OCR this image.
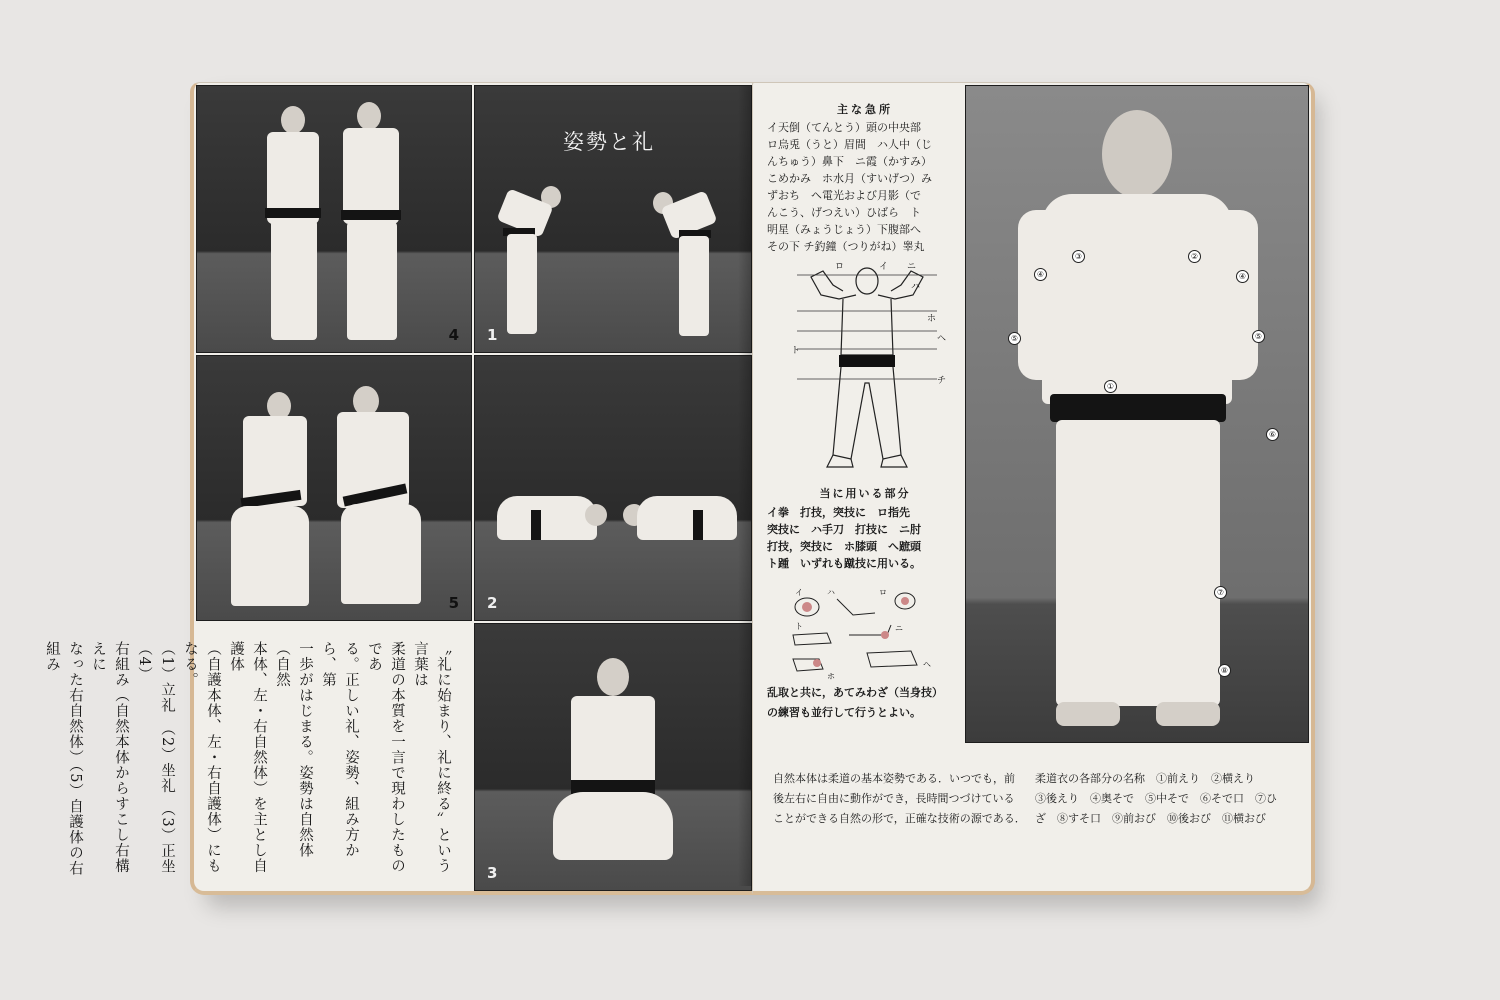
4
姿勢と礼
1
5 2
3
〝礼に始まり、礼に終る〟という言葉は
柔道の本質を一言で現わしたものであ
る。正しい礼、姿勢、組み方から、第
一歩がはじまる。姿勢は自然体（自然
本体、左・右自然体）を主とし自護体
（自護本体、左・右自護体）にもなる。
（1）立礼　（2）坐礼　（3）正坐　（4）
右組み（自然本体からすこし右構えに
なった右自然体）（5）自護体の右組み
主な急所
イ天倒（てんとう）頭の中央部
ロ烏兎（うと）眉間　ハ人中（じ
んちゅう）鼻下　ニ霞（かすみ）
こめかみ　ホ水月（すいげつ）み
ずおち　ヘ電光および月影（で
んこう、げつえい）ひばら　ト
明星（みょうじょう）下腹部へ
その下 チ釣鐘（つりがね）睾丸
ロ	イ ニ
ハ
ホ
ヘ
ト
チ
当に用いる部分
イ拳　打技，突技に　ロ指先
突技に　ハ手刀　打技に　ニ肘
打技，突技に　ホ膝頭　ヘ蹠頭
ト踵　いずれも蹴技に用いる。
イ	ハ	ロ
ニ
ト
ホ
ヘ
乱取と共に，あてみわざ（当身技）
の練習も並行して行うとよい。
④
③	②
④
⑤	⑤
①
⑥
⑦
⑧
自然本体は柔道の基本姿勢である．いつでも，前
後左右に自由に動作ができ，長時間つづけている
ことができる自然の形で，正確な技術の源である．
柔道衣の各部分の名称　①前えり　②横えり
③後えり　④奥そで　⑤中そで　⑥そで口　⑦ひ
ざ　⑧すそ口　⑨前おび　⑩後おび　⑪横おび
